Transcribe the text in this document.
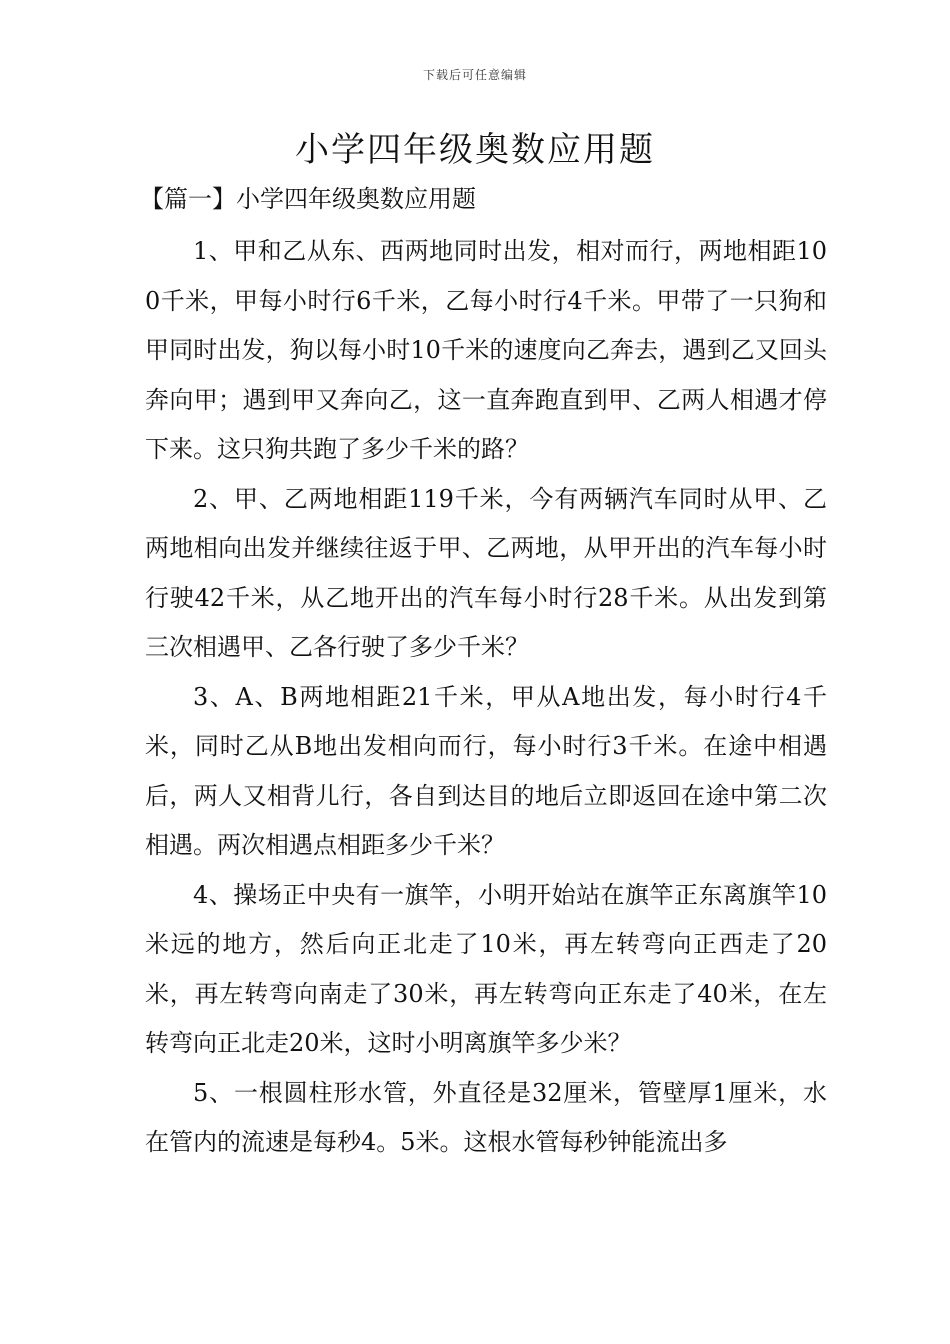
下载后可任意编辑
小学四年级奥数应用题
【篇一】小学四年级奥数应用题

1、甲和乙从东、西两地同时出发，相对而行，两地相距100千米，甲每小时行6千米，乙每小时行4千米。甲带了一只狗和甲同时出发，狗以每小时10千米的速度向乙奔去，遇到乙又回头奔向甲；遇到甲又奔向乙，这一直奔跑直到甲、乙两人相遇才停下来。这只狗共跑了多少千米的路？

2、甲、乙两地相距119千米，今有两辆汽车同时从甲、乙两地相向出发并继续往返于甲、乙两地，从甲开出的汽车每小时行驶42千米，从乙地开出的汽车每小时行28千米。从出发到第三次相遇甲、乙各行驶了多少千米？

3、A、B两地相距21千米，甲从A地出发，每小时行4千米，同时乙从B地出发相向而行，每小时行3千米。在途中相遇后，两人又相背儿行，各自到达目的地后立即返回在途中第二次相遇。两次相遇点相距多少千米？

4、操场正中央有一旗竿，小明开始站在旗竿正东离旗竿10米远的地方，然后向正北走了10米，再左转弯向正西走了20米，再左转弯向南走了30米，再左转弯向正东走了40米，在左转弯向正北走20米，这时小明离旗竿多少米？

5、一根圆柱形水管，外直径是32厘米，管壁厚1厘米，水在管内的流速是每秒4。5米。这根水管每秒钟能流出多
